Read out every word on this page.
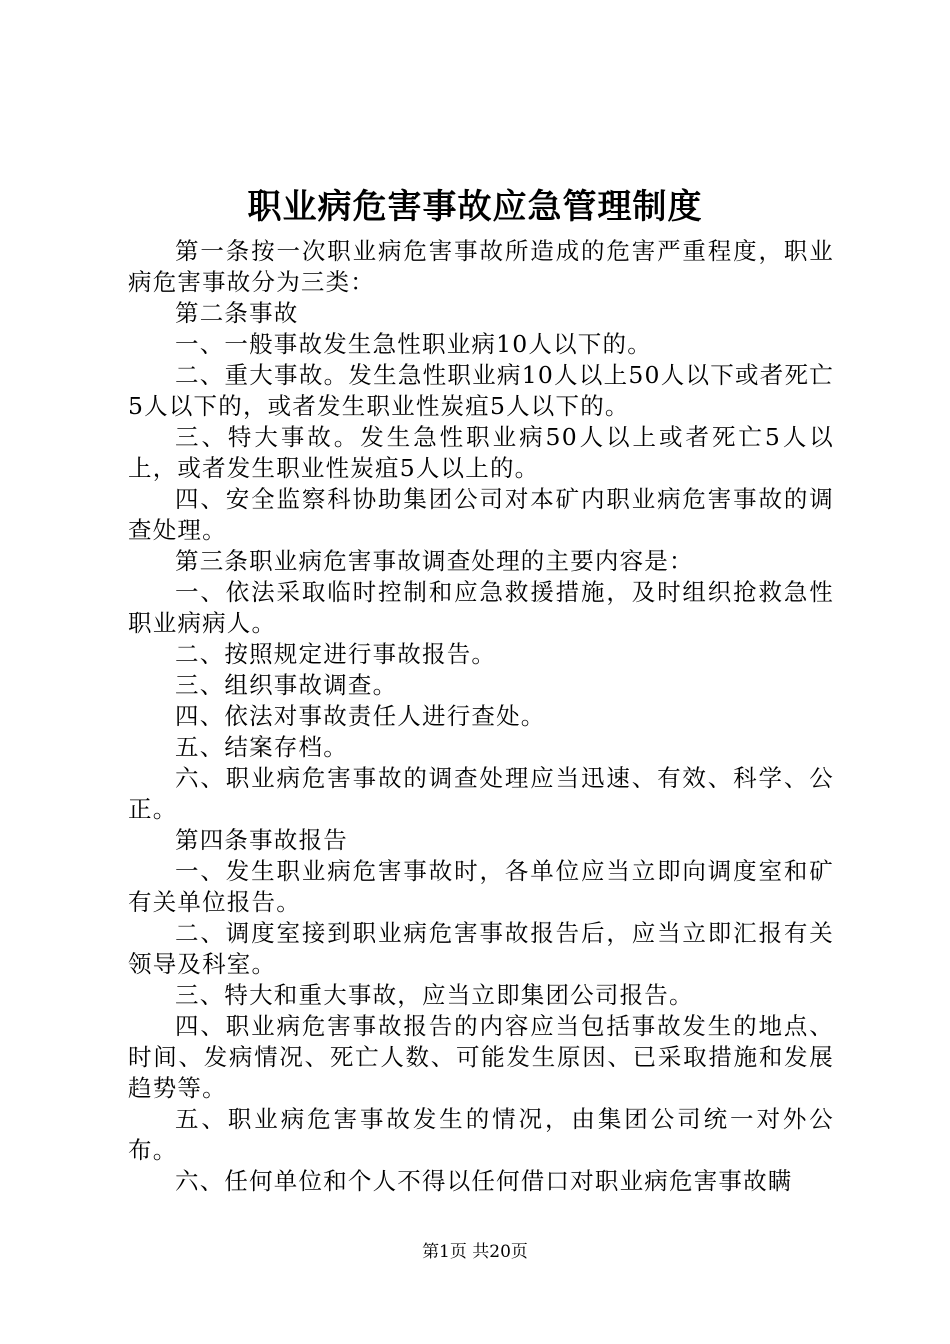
职业病危害事故应急管理制度

第一条按一次职业病危害事故所造成的危害严重程度，职业病危害事故分为三类：

第二条事故

一、一般事故发生急性职业病10人以下的。

二、重大事故。发生急性职业病10人以上50人以下或者死亡5人以下的，或者发生职业性炭疽5人以下的。

三、特大事故。发生急性职业病50人以上或者死亡5人以上，或者发生职业性炭疽5人以上的。

四、安全监察科协助集团公司对本矿内职业病危害事故的调查处理。

第三条职业病危害事故调查处理的主要内容是：

一、依法采取临时控制和应急救援措施，及时组织抢救急性职业病病人。

二、按照规定进行事故报告。

三、组织事故调查。

四、依法对事故责任人进行查处。

五、结案存档。

六、职业病危害事故的调查处理应当迅速、有效、科学、公正。

第四条事故报告

一、发生职业病危害事故时，各单位应当立即向调度室和矿有关单位报告。

二、调度室接到职业病危害事故报告后，应当立即汇报有关领导及科室。

三、特大和重大事故，应当立即集团公司报告。

四、职业病危害事故报告的内容应当包括事故发生的地点、时间、发病情况、死亡人数、可能发生原因、已采取措施和发展趋势等。

五、职业病危害事故发生的情况，由集团公司统一对外公布。

六、任何单位和个人不得以任何借口对职业病危害事故瞒

第1页 共20页
